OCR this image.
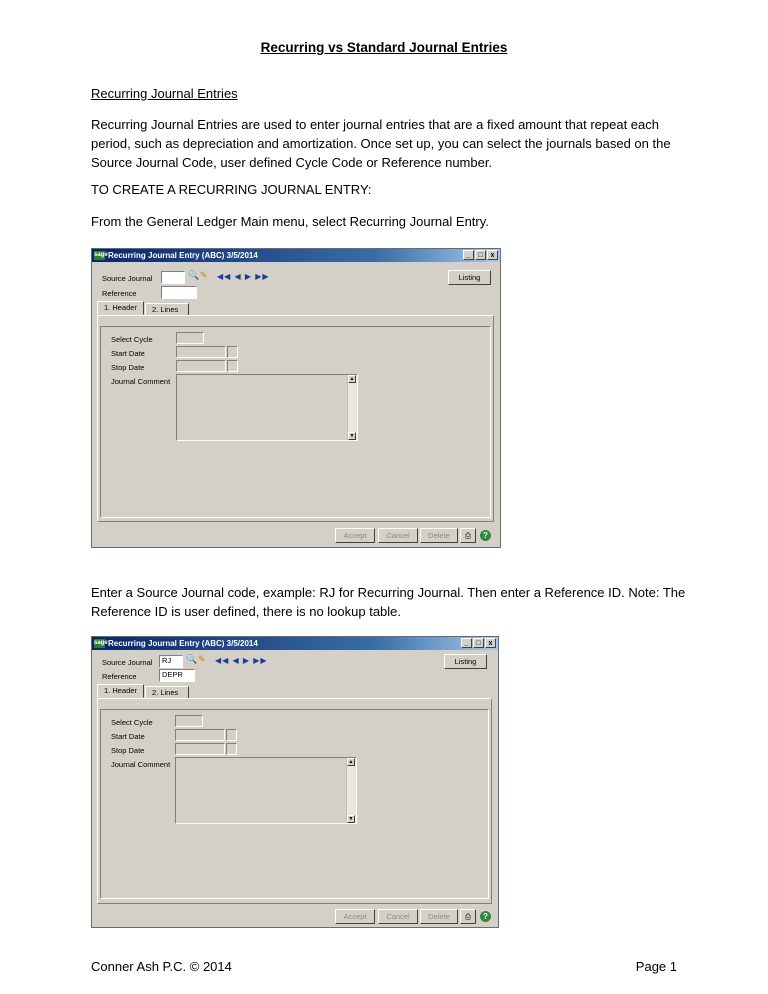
Recurring vs Standard Journal Entries
Recurring Journal Entries
Recurring Journal Entries are used to enter journal entries that are a fixed amount that repeat each
period, such as depreciation and amortization. Once set up, you can select the journals based on the
Source Journal Code, user defined Cycle Code or Reference number.
TO CREATE A RECURRING JOURNAL ENTRY:
From the General Ledger Main menu, select Recurring Journal Entry.
sage Recurring Journal Entry (ABC) 3/5/2014	_ □ x
Source Journal	🔍 ✎ ◀◀ ◀ ▶ ▶▶
Reference
Listing
1. Header	2. Lines
Select Cycle
Start Date
Stop Date
Journal Comment	▲
▼
Accept	Cancel	Delete	⎙	?
sage Recurring Journal Entry (ABC) 3/5/2014	_ □ x
Source Journal	RJ	🔍 ✎ ◀◀ ◀ ▶ ▶▶
Reference	DEPR
Listing
1. Header	2. Lines
Select Cycle
Start Date
Stop Date
Journal Comment	▲
▼
Accept	Cancel	Delete	⎙	?
Enter a Source Journal code, example: RJ for Recurring Journal. Then enter a Reference ID. Note: The
Reference ID is user defined, there is no lookup table.
Conner Ash P.C. © 2014	Page 1
